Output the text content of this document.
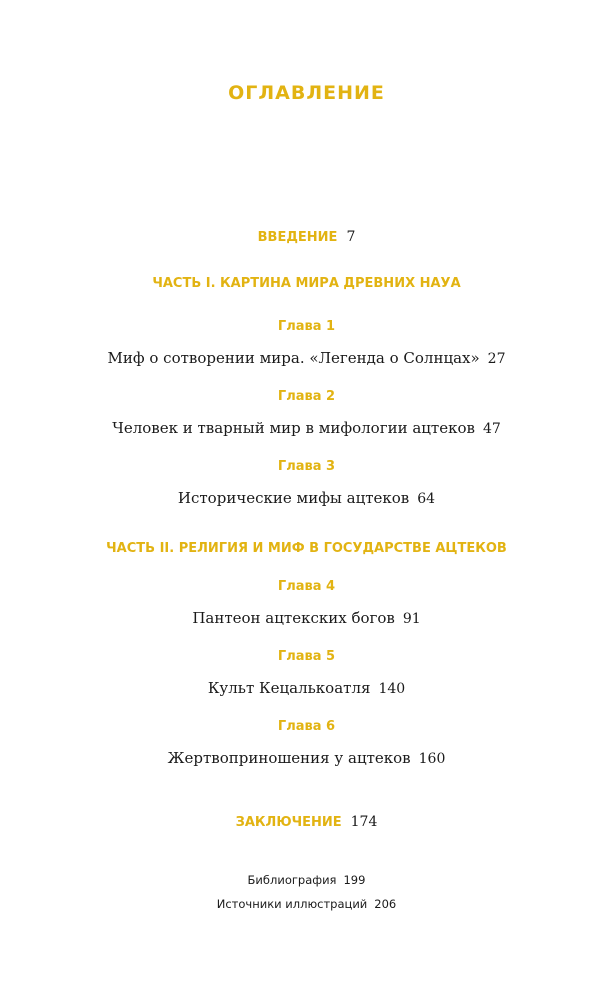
ОГЛАВЛЕНИЕ
ВВЕДЕНИЕ 7
ЧАСТЬ I. КАРТИНА МИРА ДРЕВНИХ НАУА
Глава 1
Миф о сотворении мира. «Легенда о Солнцах» 27
Глава 2
Человек и тварный мир в мифологии ацтеков 47
Глава 3
Исторические мифы ацтеков 64
ЧАСТЬ II. РЕЛИГИЯ И МИФ В ГОСУДАРСТВЕ АЦТЕКОВ
Глава 4
Пантеон ацтекских богов 91
Глава 5
Культ Кецалькоатля 140
Глава 6
Жертвоприношения у ацтеков 160
ЗАКЛЮЧЕНИЕ 174
Библиография 199
Источники иллюстраций 206
